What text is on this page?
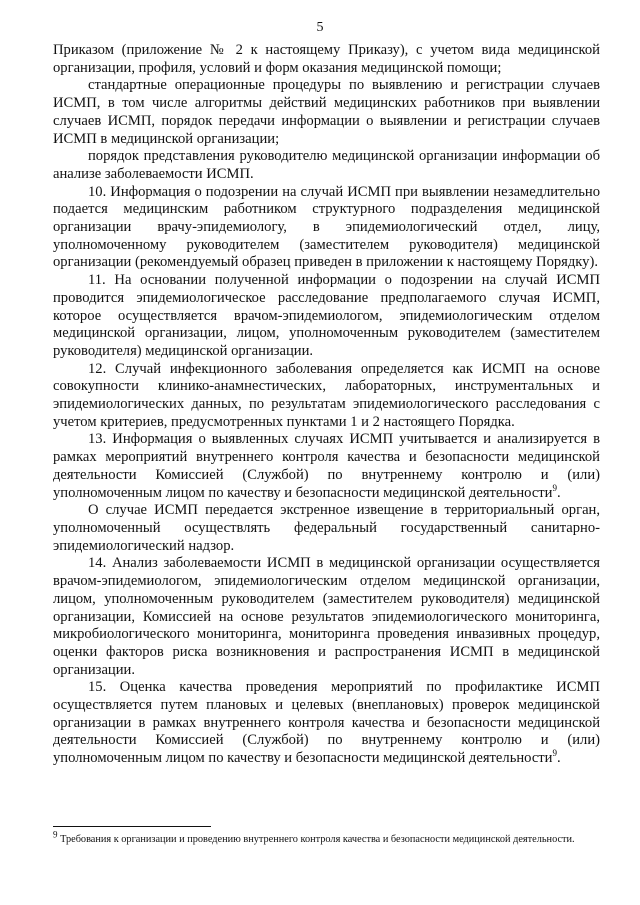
5

Приказом (приложение № 2 к настоящему Приказу), с учетом вида медицинской организации, профиля, условий и форм оказания медицинской помощи;

стандартные операционные процедуры по выявлению и регистрации случаев ИСМП, в том числе алгоритмы действий медицинских работников при выявлении случаев ИСМП, порядок передачи информации о выявлении и регистрации случаев ИСМП в медицинской организации;

порядок представления руководителю медицинской организации информации об анализе заболеваемости ИСМП.

10. Информация о подозрении на случай ИСМП при выявлении незамедлительно подается медицинским работником структурного подразделения медицинской организации врачу-эпидемиологу, в эпидемиологический отдел, лицу, уполномоченному руководителем (заместителем руководителя) медицинской организации (рекомендуемый образец приведен в приложении к настоящему Порядку).

11. На основании полученной информации о подозрении на случай ИСМП проводится эпидемиологическое расследование предполагаемого случая ИСМП, которое осуществляется врачом-эпидемиологом, эпидемиологическим отделом медицинской организации, лицом, уполномоченным руководителем (заместителем руководителя) медицинской организации.

12. Случай инфекционного заболевания определяется как ИСМП на основе совокупности клинико-анамнестических, лабораторных, инструментальных и эпидемиологических данных, по результатам эпидемиологического расследования с учетом критериев, предусмотренных пунктами 1 и 2 настоящего Порядка.

13. Информация о выявленных случаях ИСМП учитывается и анализируется в рамках мероприятий внутреннего контроля качества и безопасности медицинской деятельности Комиссией (Службой) по внутреннему контролю и (или) уполномоченным лицом по качеству и безопасности медицинской деятельности$^9$.

О случае ИСМП передается экстренное извещение в территориальный орган, уполномоченный осуществлять федеральный государственный санитарно-эпидемиологический надзор.

14. Анализ заболеваемости ИСМП в медицинской организации осуществляется врачом-эпидемиологом, эпидемиологическим отделом медицинской организации, лицом, уполномоченным руководителем (заместителем руководителя) медицинской организации, Комиссией на основе результатов эпидемиологического мониторинга, микробиологического мониторинга, мониторинга проведения инвазивных процедур, оценки факторов риска возникновения и распространения ИСМП в медицинской организации.

15. Оценка качества проведения мероприятий по профилактике ИСМП осуществляется путем плановых и целевых (внеплановых) проверок медицинской организации в рамках внутреннего контроля качества и безопасности медицинской деятельности Комиссией (Службой) по внутреннему контролю и (или) уполномоченным лицом по качеству и безопасности медицинской деятельности$^9$.

$^9$ Требования к организации и проведению внутреннего контроля качества и безопасности медицинской деятельности.
